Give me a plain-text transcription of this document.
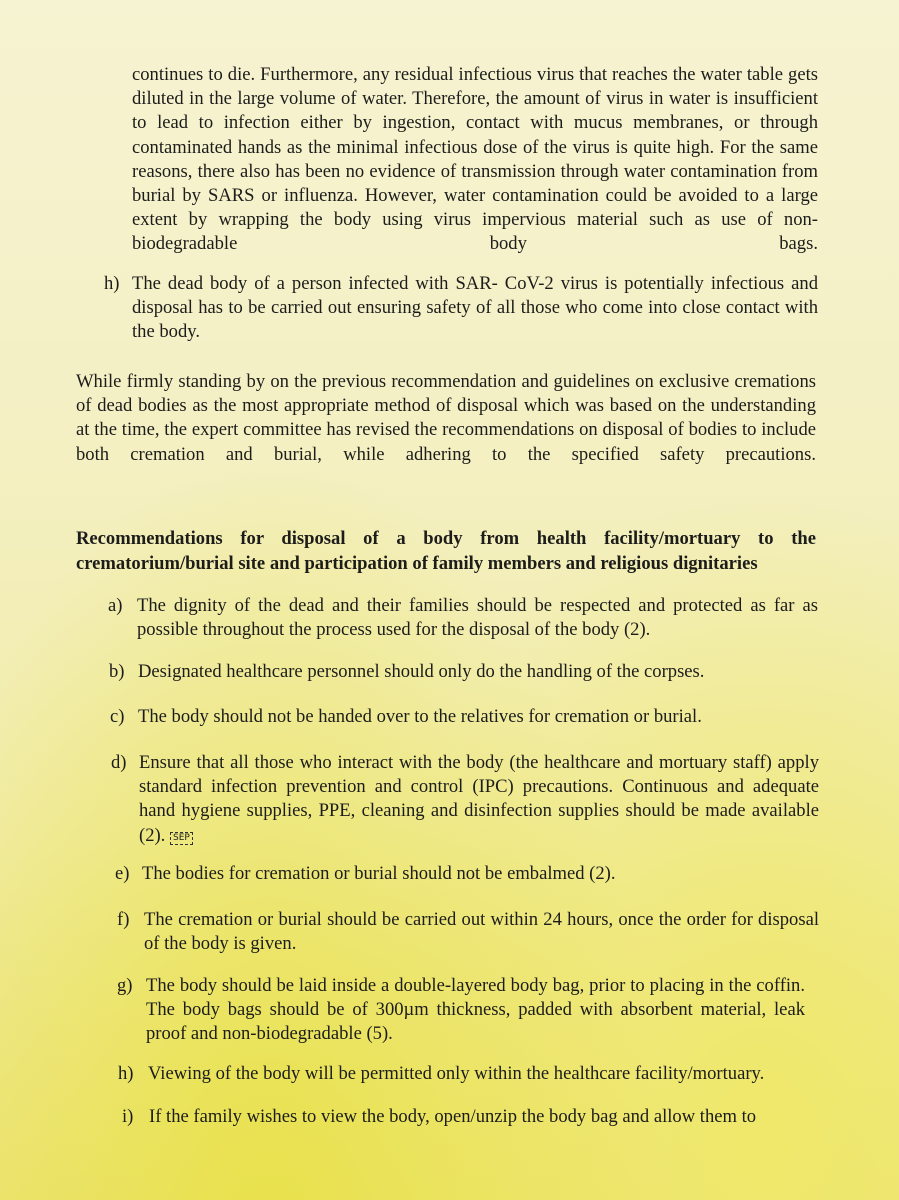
continues to die. Furthermore, any residual infectious virus that reaches the water table gets diluted in the large volume of water. Therefore, the amount of virus in water is insufficient to lead to infection either by ingestion, contact with mucus membranes, or through contaminated hands as the minimal infectious dose of the virus is quite high. For the same reasons, there also has been no evidence of transmission through water contamination from burial by SARS or influenza. However, water contamination could be avoided to a large extent by wrapping the body using virus impervious material such as use of non-biodegradable body bags.

h) The dead body of a person infected with SAR- CoV-2 virus is potentially infectious and disposal has to be carried out ensuring safety of all those who come into close contact with the body.

While firmly standing by on the previous recommendation and guidelines on exclusive cremations of dead bodies as the most appropriate method of disposal which was based on the understanding at the time, the expert committee has revised the recommendations on disposal of bodies to include both cremation and burial, while adhering to the specified safety precautions.

Recommendations for disposal of a body from health facility/mortuary to the crematorium/burial site and participation of family members and religious dignitaries

a) The dignity of the dead and their families should be respected and protected as far as possible throughout the process used for the disposal of the body (2).
b) Designated healthcare personnel should only do the handling of the corpses.
c) The body should not be handed over to the relatives for cremation or burial.
d) Ensure that all those who interact with the body (the healthcare and mortuary staff) apply standard infection prevention and control (IPC) precautions. Continuous and adequate hand hygiene supplies, PPE, cleaning and disinfection supplies should be made available (2). SEP
e) The bodies for cremation or burial should not be embalmed (2).
f) The cremation or burial should be carried out within 24 hours, once the order for disposal of the body is given.
g) The body should be laid inside a double-layered body bag, prior to placing in the coffin. The body bags should be of 300µm thickness, padded with absorbent material, leak proof and non-biodegradable (5).
h) Viewing of the body will be permitted only within the healthcare facility/mortuary.
i) If the family wishes to view the body, open/unzip the body bag and allow them to
